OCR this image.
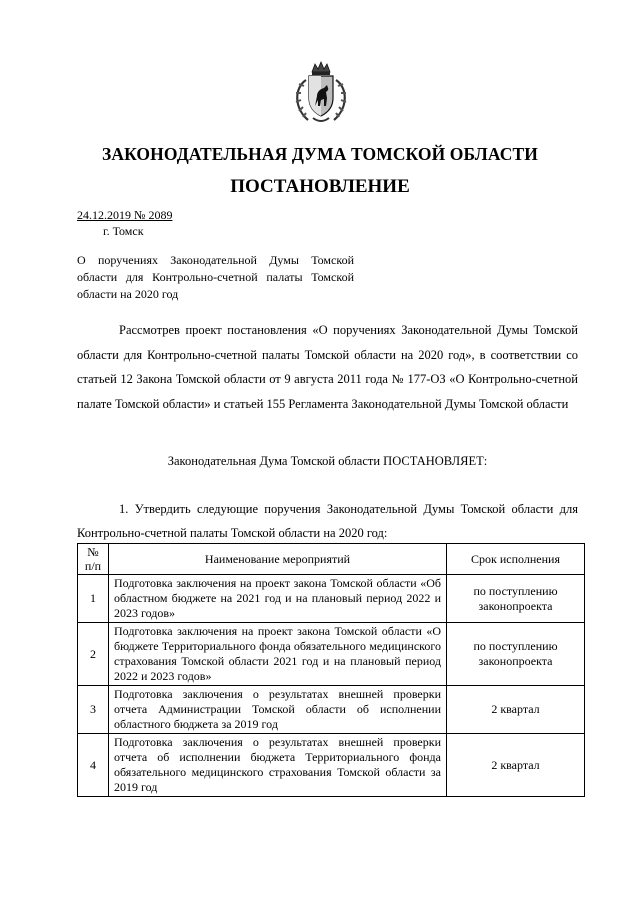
ЗАКОНОДАТЕЛЬНАЯ ДУМА ТОМСКОЙ ОБЛАСТИ
ПОСТАНОВЛЕНИЕ
24.12.2019 № 2089
г. Томск
О поручениях Законодательной Думы Томской области для Контрольно-счетной палаты Томской области на 2020 год

Рассмотрев проект постановления «О поручениях Законодательной Думы Томской области для Контрольно-счетной палаты Томской области на 2020 год», в соответствии со статьей 12 Закона Томской области от 9 августа 2011 года № 177-ОЗ «О Контрольно-счетной палате Томской области» и статьей 155 Регламента Законодательной Думы Томской области

Законодательная Дума Томской области ПОСТАНОВЛЯЕТ:

1. Утвердить следующие поручения Законодательной Думы Томской области для Контрольно-счетной палаты Томской области на 2020 год:

№
п/п	Наименование мероприятий	Срок исполнения
1	Подготовка заключения на проект закона Томской области «Об областном бюджете на 2021 год и на плановый период 2022 и 2023 годов»	по поступлению законопроекта
2	Подготовка заключения на проект закона Томской области «О бюджете Территориального фонда обязательного медицинского страхования Томской области 2021 год и на плановый период 2022 и 2023 годов»	по поступлению законопроекта
3	Подготовка заключения о результатах внешней проверки отчета Администрации Томской области об исполнении областного бюджета за 2019 год	2 квартал
4	Подготовка заключения о результатах внешней проверки отчета об исполнении бюджета Территориального фонда обязательного медицинского страхования Томской области за 2019 год	2 квартал
